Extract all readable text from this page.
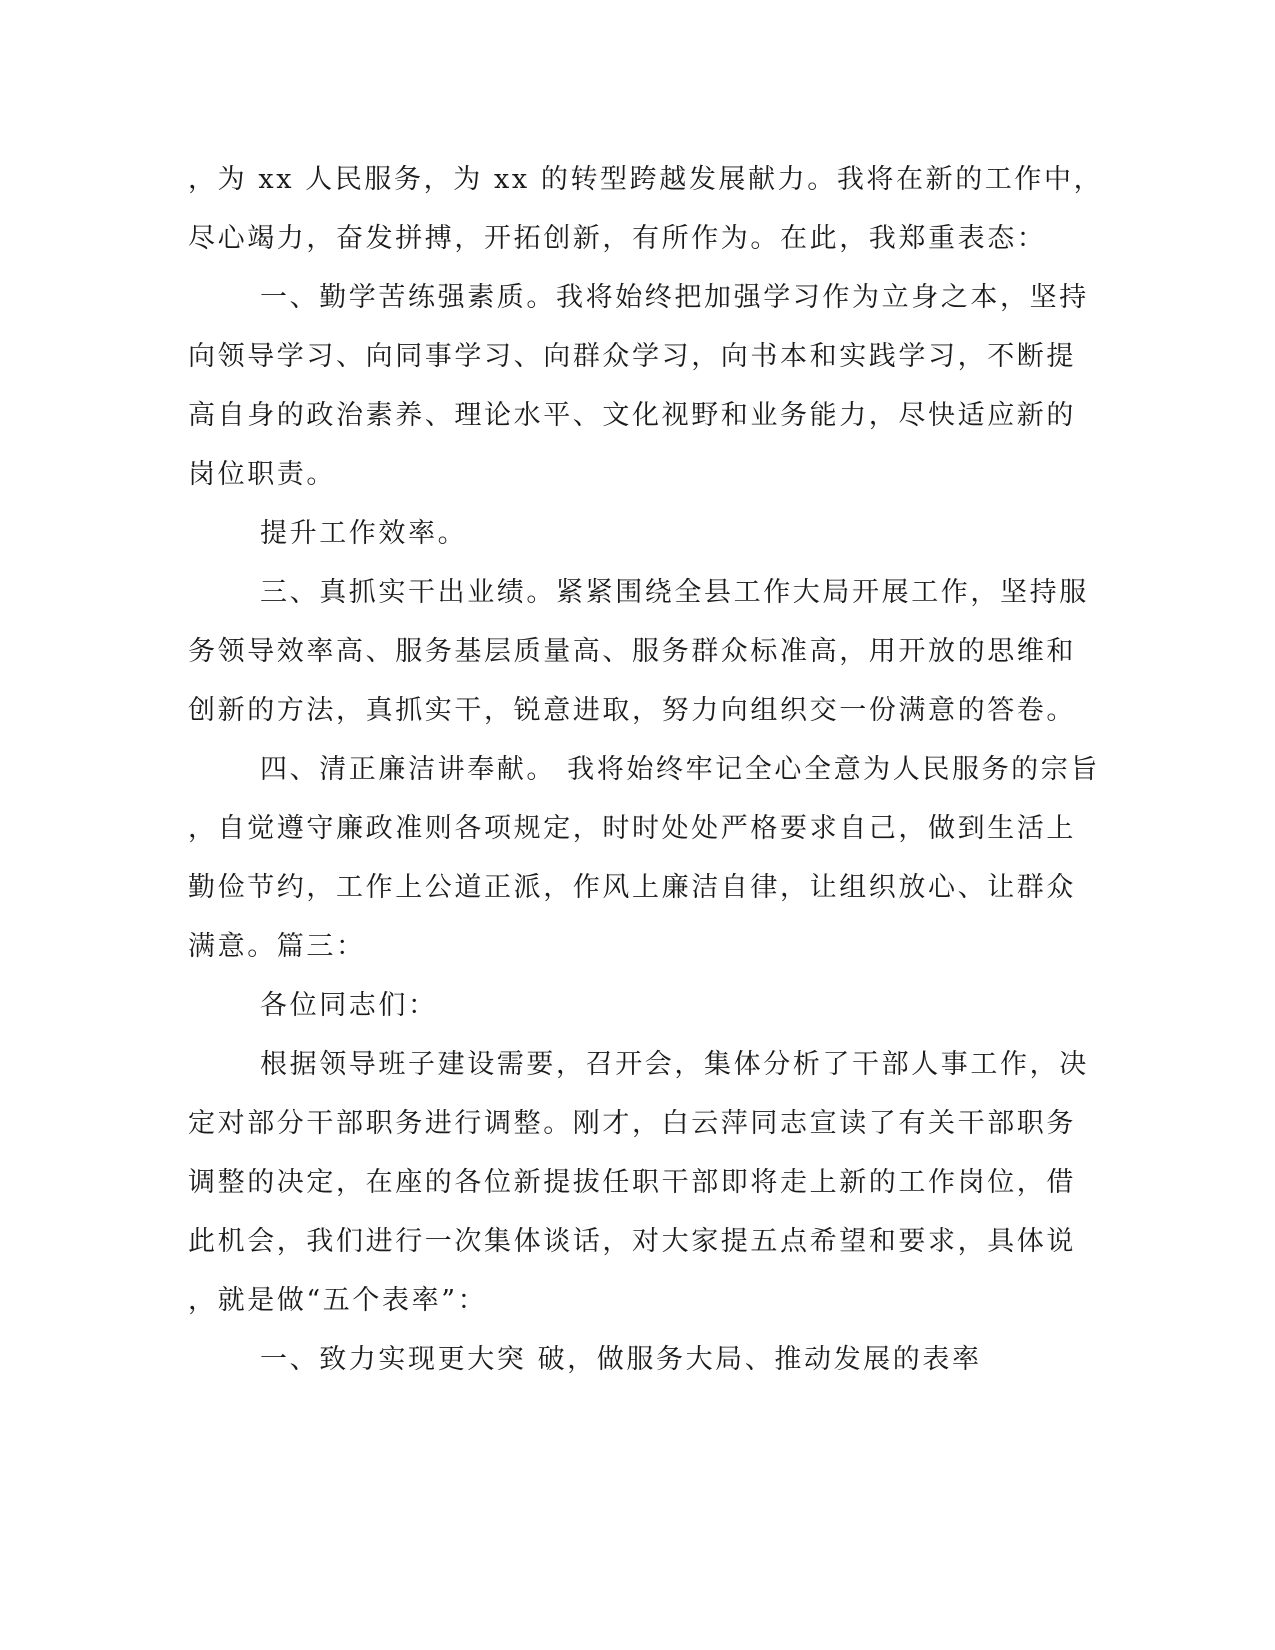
，为 xx 人民服务，为 xx 的转型跨越发展献力。我将在新的工作中，

尽心竭力，奋发拼搏，开拓创新，有所作为。在此，我郑重表态：

一、勤学苦练强素质。我将始终把加强学习作为立身之本，坚持

向领导学习、向同事学习、向群众学习，向书本和实践学习，不断提

高自身的政治素养、理论水平、文化视野和业务能力，尽快适应新的

岗位职责。

提升工作效率。

三、真抓实干出业绩。紧紧围绕全县工作大局开展工作，坚持服

务领导效率高、服务基层质量高、服务群众标准高，用开放的思维和

创新的方法，真抓实干，锐意进取，努力向组织交一份满意的答卷。

四、清正廉洁讲奉献。 我将始终牢记全心全意为人民服务的宗旨

，自觉遵守廉政准则各项规定，时时处处严格要求自己，做到生活上

勤俭节约，工作上公道正派，作风上廉洁自律，让组织放心、让群众

满意。篇三：

各位同志们：

根据领导班子建设需要，召开会，集体分析了干部人事工作，决

定对部分干部职务进行调整。刚才，白云萍同志宣读了有关干部职务

调整的决定，在座的各位新提拔任职干部即将走上新的工作岗位，借

此机会，我们进行一次集体谈话，对大家提五点希望和要求，具体说

，就是做“五个表率”：

一、致力实现更大突 破，做服务大局、推动发展的表率
